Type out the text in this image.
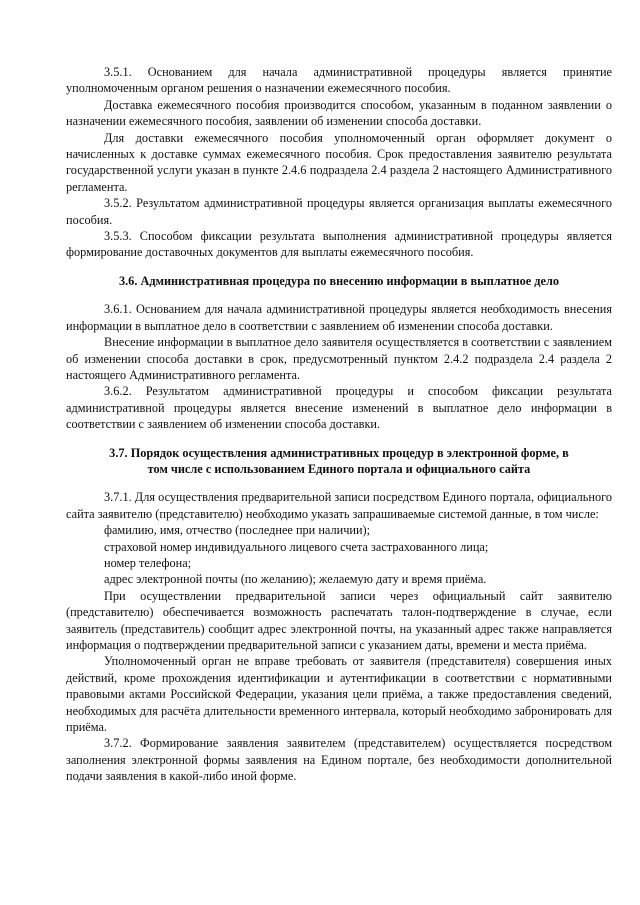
3.5.1. Основанием для начала административной процедуры является принятие уполномоченным органом решения о назначении ежемесячного пособия.

Доставка ежемесячного пособия производится способом, указанным в поданном заявлении о назначении ежемесячного пособия, заявлении об изменении способа доставки.

Для доставки ежемесячного пособия уполномоченный орган оформляет документ о начисленных к доставке суммах ежемесячного пособия. Срок предоставления заявителю результата государственной услуги указан в пункте 2.4.6 подраздела 2.4 раздела 2 настоящего Административного регламента.

3.5.2. Результатом административной процедуры является организация выплаты ежемесячного пособия.

3.5.3. Способом фиксации результата выполнения административной процедуры является формирование доставочных документов для выплаты ежемесячного пособия.

3.6. Административная процедура по внесению информации в выплатное дело

3.6.1. Основанием для начала административной процедуры является необходимость внесения информации в выплатное дело в соответствии с заявлением об изменении способа доставки.

Внесение информации в выплатное дело заявителя осуществляется в соответствии с заявлением об изменении способа доставки в срок, предусмотренный пунктом 2.4.2 подраздела 2.4 раздела 2 настоящего Административного регламента.

3.6.2. Результатом административной процедуры и способом фиксации результата административной процедуры является внесение изменений в выплатное дело информации в соответствии с заявлением об изменении способа доставки.

3.7. Порядок осуществления административных процедур в электронной форме, в
том числе с использованием Единого портала и официального сайта

3.7.1. Для осуществления предварительной записи посредством Единого портала, официального сайта заявителю (представителю) необходимо указать запрашиваемые системой данные, в том числе:

фамилию, имя, отчество (последнее при наличии);

страховой номер индивидуального лицевого счета застрахованного лица;

номер телефона;

адрес электронной почты (по желанию); желаемую дату и время приёма.

При осуществлении предварительной записи через официальный сайт заявителю (представителю) обеспечивается возможность распечатать талон-подтверждение в случае, если заявитель (представитель) сообщит адрес электронной почты, на указанный адрес также направляется информация о подтверждении предварительной записи с указанием даты, времени и места приёма.

Уполномоченный орган не вправе требовать от заявителя (представителя) совершения иных действий, кроме прохождения идентификации и аутентификации в соответствии с нормативными правовыми актами Российской Федерации, указания цели приёма, а также предоставления сведений, необходимых для расчёта длительности временного интервала, который необходимо забронировать для приёма.

3.7.2. Формирование заявления заявителем (представителем) осуществляется посредством заполнения электронной формы заявления на Едином портале, без необходимости дополнительной подачи заявления в какой-либо иной форме.
